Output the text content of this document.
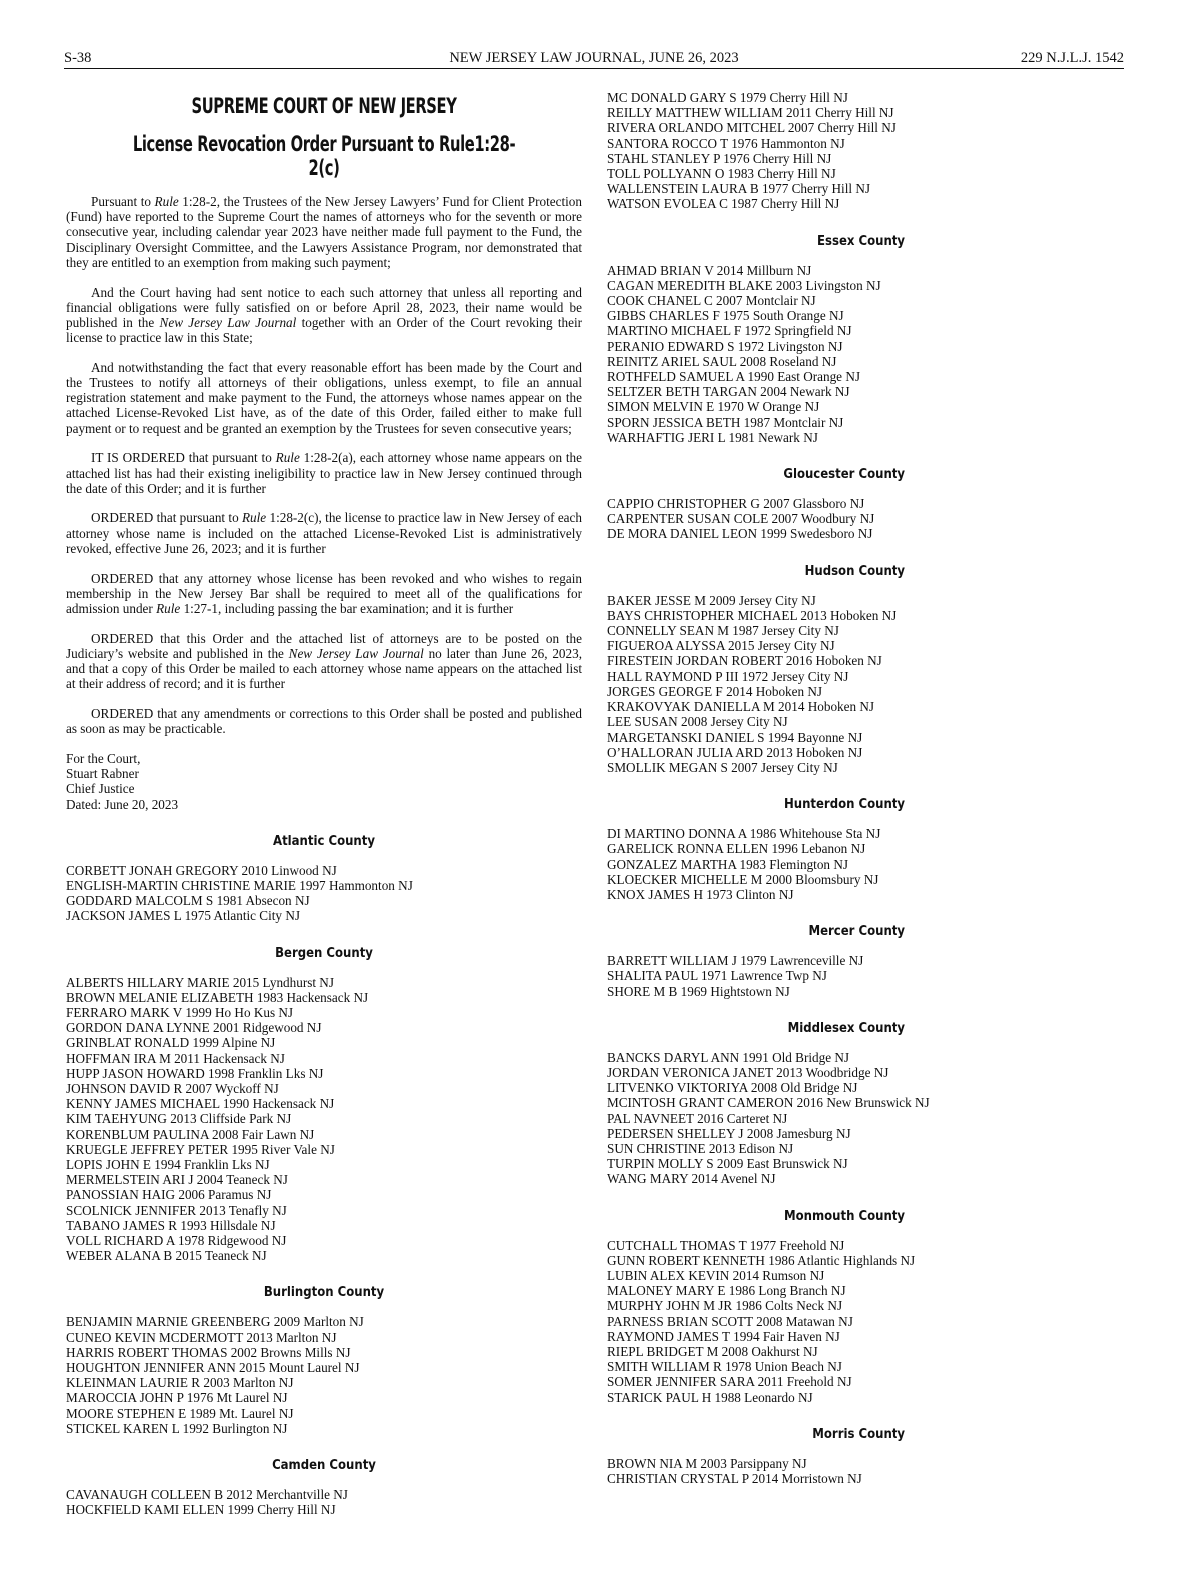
S-38	NEW JERSEY LAW JOURNAL, JUNE 26, 2023	229 N.J.L.J. 1542
SUPREME COURT OF NEW JERSEY
License Revocation Order Pursuant to Rule1:28-2(c)

Pursuant to Rule 1:28-2, the Trustees of the New Jersey Lawyers’ Fund for Client Protection (Fund) have reported to the Supreme Court the names of attorneys who for the seventh or more consecutive year, including calendar year 2023 have neither made full payment to the Fund, the Disciplinary Oversight Committee, and the Lawyers Assistance Program, nor demonstrated that they are entitled to an exemption from making such payment;

And the Court having had sent notice to each such attorney that unless all reporting and financial obligations were fully satisfied on or before April 28, 2023, their name would be published in the New Jersey Law Journal together with an Order of the Court revoking their license to practice law in this State;

And notwithstanding the fact that every reasonable effort has been made by the Court and the Trustees to notify all attorneys of their obligations, unless exempt, to file an annual registration statement and make payment to the Fund, the attorneys whose names appear on the attached License-Revoked List have, as of the date of this Order, failed either to make full payment or to request and be granted an exemption by the Trustees for seven consecutive years;

IT IS ORDERED that pursuant to Rule 1:28-2(a), each attorney whose name appears on the attached list has had their existing ineligibility to practice law in New Jersey continued through the date of this Order; and it is further

ORDERED that pursuant to Rule 1:28-2(c), the license to practice law in New Jersey of each attorney whose name is included on the attached License-Revoked List is administratively revoked, effective June 26, 2023; and it is further

ORDERED that any attorney whose license has been revoked and who wishes to regain membership in the New Jersey Bar shall be required to meet all of the qualifications for admission under Rule 1:27-1, including passing the bar examination; and it is further

ORDERED that this Order and the attached list of attorneys are to be posted on the Judiciary’s website and published in the New Jersey Law Journal no later than June 26, 2023, and that a copy of this Order be mailed to each attorney whose name appears on the attached list at their address of record; and it is further

ORDERED that any amendments or corrections to this Order shall be posted and published as soon as may be practicable.

For the Court,
Stuart Rabner
Chief Justice
Dated: June 20, 2023
Atlantic County
CORBETT JONAH GREGORY 2010 Linwood NJ
ENGLISH-MARTIN CHRISTINE MARIE 1997 Hammonton NJ
GODDARD MALCOLM S 1981 Absecon NJ
JACKSON JAMES L 1975 Atlantic City NJ
Bergen County
ALBERTS HILLARY MARIE 2015 Lyndhurst NJ
BROWN MELANIE ELIZABETH 1983 Hackensack NJ
FERRARO MARK V 1999 Ho Ho Kus NJ
GORDON DANA LYNNE 2001 Ridgewood NJ
GRINBLAT RONALD 1999 Alpine NJ
HOFFMAN IRA M 2011 Hackensack NJ
HUPP JASON HOWARD 1998 Franklin Lks NJ
JOHNSON DAVID R 2007 Wyckoff NJ
KENNY JAMES MICHAEL 1990 Hackensack NJ
KIM TAEHYUNG 2013 Cliffside Park NJ
KORENBLUM PAULINA 2008 Fair Lawn NJ
KRUEGLE JEFFREY PETER 1995 River Vale NJ
LOPIS JOHN E 1994 Franklin Lks NJ
MERMELSTEIN ARI J 2004 Teaneck NJ
PANOSSIAN HAIG 2006 Paramus NJ
SCOLNICK JENNIFER 2013 Tenafly NJ
TABANO JAMES R 1993 Hillsdale NJ
VOLL RICHARD A 1978 Ridgewood NJ
WEBER ALANA B 2015 Teaneck NJ
Burlington County
BENJAMIN MARNIE GREENBERG 2009 Marlton NJ
CUNEO KEVIN MCDERMOTT 2013 Marlton NJ
HARRIS ROBERT THOMAS 2002 Browns Mills NJ
HOUGHTON JENNIFER ANN 2015 Mount Laurel NJ
KLEINMAN LAURIE R 2003 Marlton NJ
MAROCCIA JOHN P 1976 Mt Laurel NJ
MOORE STEPHEN E 1989 Mt. Laurel NJ
STICKEL KAREN L 1992 Burlington NJ
Camden County
CAVANAUGH COLLEEN B 2012 Merchantville NJ
HOCKFIELD KAMI ELLEN 1999 Cherry Hill NJ
MC DONALD GARY S 1979 Cherry Hill NJ
REILLY MATTHEW WILLIAM 2011 Cherry Hill NJ
RIVERA ORLANDO MITCHEL 2007 Cherry Hill NJ
SANTORA ROCCO T 1976 Hammonton NJ
STAHL STANLEY P 1976 Cherry Hill NJ
TOLL POLLYANN O 1983 Cherry Hill NJ
WALLENSTEIN LAURA B 1977 Cherry Hill NJ
WATSON EVOLEA C 1987 Cherry Hill NJ
Essex County
AHMAD BRIAN V 2014 Millburn NJ
CAGAN MEREDITH BLAKE 2003 Livingston NJ
COOK CHANEL C 2007 Montclair NJ
GIBBS CHARLES F 1975 South Orange NJ
MARTINO MICHAEL F 1972 Springfield NJ
PERANIO EDWARD S 1972 Livingston NJ
REINITZ ARIEL SAUL 2008 Roseland NJ
ROTHFELD SAMUEL A 1990 East Orange NJ
SELTZER BETH TARGAN 2004 Newark NJ
SIMON MELVIN E 1970 W Orange NJ
SPORN JESSICA BETH 1987 Montclair NJ
WARHAFTIG JERI L 1981 Newark NJ
Gloucester County
CAPPIO CHRISTOPHER G 2007 Glassboro NJ
CARPENTER SUSAN COLE 2007 Woodbury NJ
DE MORA DANIEL LEON 1999 Swedesboro NJ
Hudson County
BAKER JESSE M 2009 Jersey City NJ
BAYS CHRISTOPHER MICHAEL 2013 Hoboken NJ
CONNELLY SEAN M 1987 Jersey City NJ
FIGUEROA ALYSSA 2015 Jersey City NJ
FIRESTEIN JORDAN ROBERT 2016 Hoboken NJ
HALL RAYMOND P III 1972 Jersey City NJ
JORGES GEORGE F 2014 Hoboken NJ
KRAKOVYAK DANIELLA M 2014 Hoboken NJ
LEE SUSAN 2008 Jersey City NJ
MARGETANSKI DANIEL S 1994 Bayonne NJ
O’HALLORAN JULIA ARD 2013 Hoboken NJ
SMOLLIK MEGAN S 2007 Jersey City NJ
Hunterdon County
DI MARTINO DONNA A 1986 Whitehouse Sta NJ
GARELICK RONNA ELLEN 1996 Lebanon NJ
GONZALEZ MARTHA 1983 Flemington NJ
KLOECKER MICHELLE M 2000 Bloomsbury NJ
KNOX JAMES H 1973 Clinton NJ
Mercer County
BARRETT WILLIAM J 1979 Lawrenceville NJ
SHALITA PAUL 1971 Lawrence Twp NJ
SHORE M B 1969 Hightstown NJ
Middlesex County
BANCKS DARYL ANN 1991 Old Bridge NJ
JORDAN VERONICA JANET 2013 Woodbridge NJ
LITVENKO VIKTORIYA 2008 Old Bridge NJ
MCINTOSH GRANT CAMERON 2016 New Brunswick NJ
PAL NAVNEET 2016 Carteret NJ
PEDERSEN SHELLEY J 2008 Jamesburg NJ
SUN CHRISTINE 2013 Edison NJ
TURPIN MOLLY S 2009 East Brunswick NJ
WANG MARY 2014 Avenel NJ
Monmouth County
CUTCHALL THOMAS T 1977 Freehold NJ
GUNN ROBERT KENNETH 1986 Atlantic Highlands NJ
LUBIN ALEX KEVIN 2014 Rumson NJ
MALONEY MARY E 1986 Long Branch NJ
MURPHY JOHN M JR 1986 Colts Neck NJ
PARNESS BRIAN SCOTT 2008 Matawan NJ
RAYMOND JAMES T 1994 Fair Haven NJ
RIEPL BRIDGET M 2008 Oakhurst NJ
SMITH WILLIAM R 1978 Union Beach NJ
SOMER JENNIFER SARA 2011 Freehold NJ
STARICK PAUL H 1988 Leonardo NJ
Morris County
BROWN NIA M 2003 Parsippany NJ
CHRISTIAN CRYSTAL P 2014 Morristown NJ
